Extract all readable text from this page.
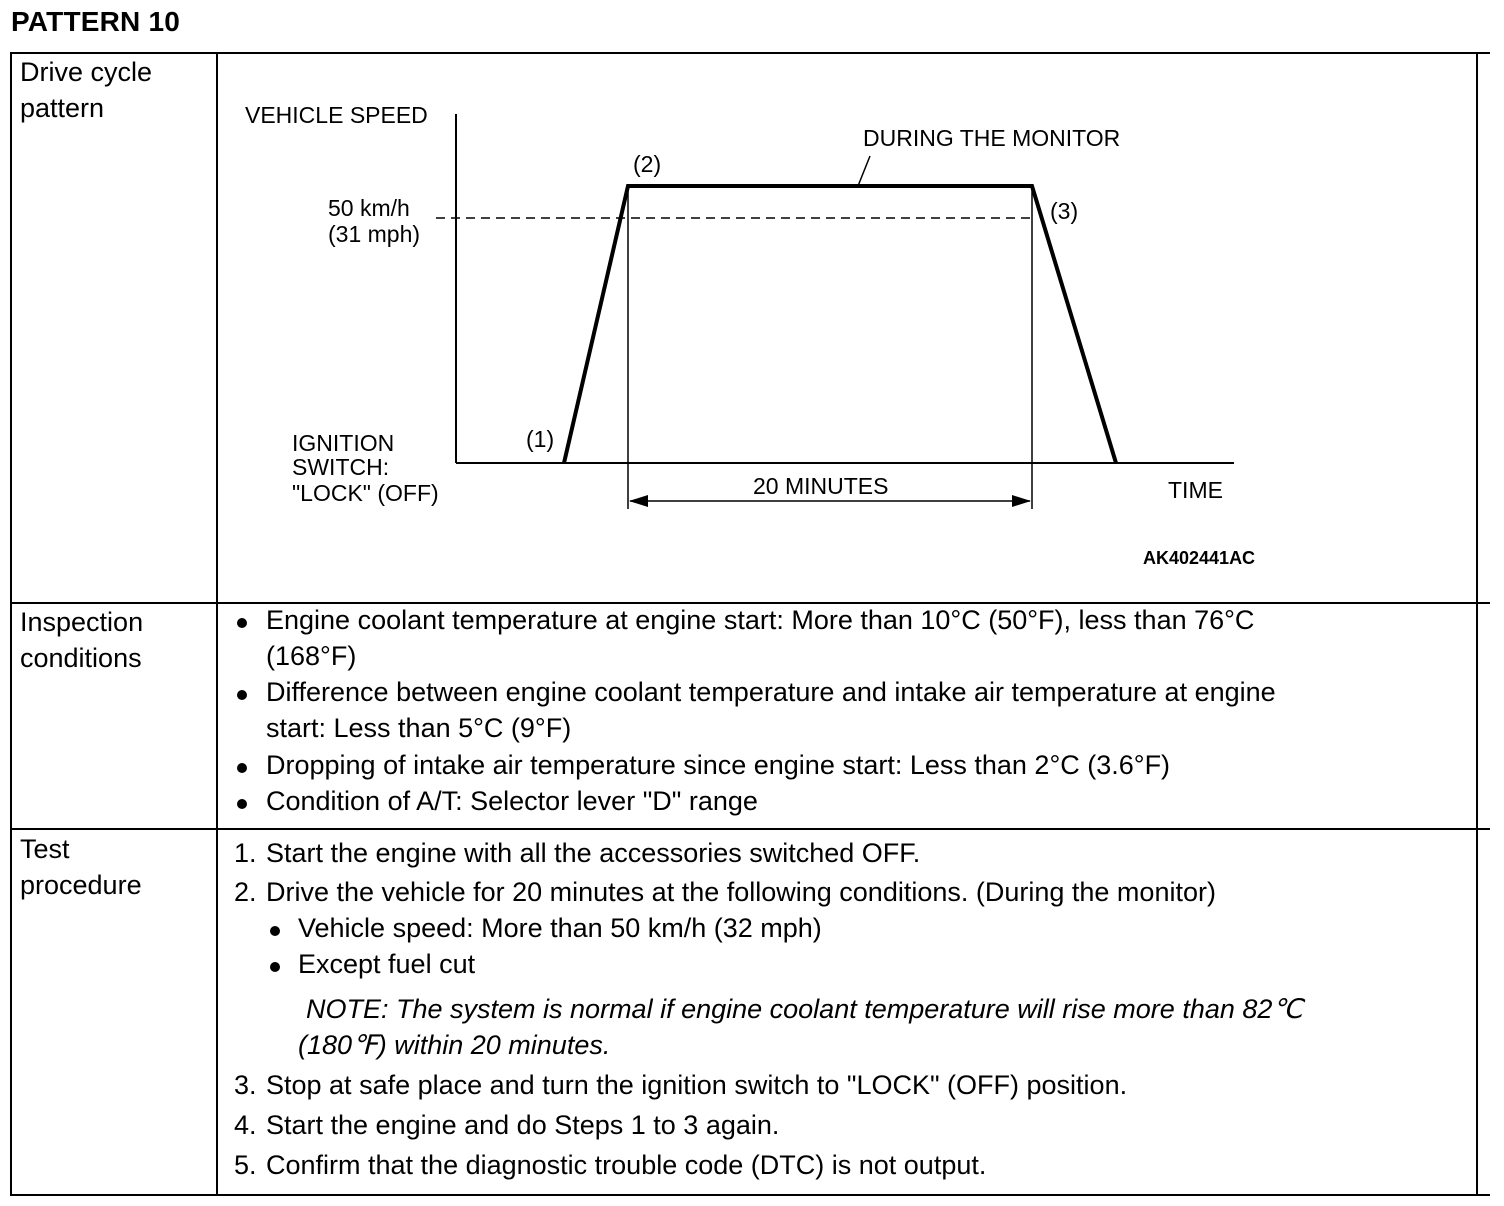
PATTERN 10
Drive cycle
pattern	VEHICLE SPEED
TIME
50 km/h
(31 mph)
IGNITION
SWITCH:
"LOCK" (OFF)
(1)
(2)
(3)
DURING THE MONITOR
20 MINUTES
AK402441AC
Inspection
conditions
Engine coolant temperature at engine start: More than 10°C (50°F), less than 76°C
(168°F)
Difference between engine coolant temperature and intake air temperature at engine
start: Less than 5°C (9°F)
Dropping of intake air temperature since engine start: Less than 2°C (3.6°F)
Condition of A/T: Selector lever "D" range
Test
procedure
1. Start the engine with all the accessories switched OFF.
2. Drive the vehicle for 20 minutes at the following conditions. (During the monitor)
Vehicle speed: More than 50 km/h (32 mph)
Except fuel cut
NOTE: The system is normal if engine coolant temperature will rise more than 82℃
(180℉) within 20 minutes.
3. Stop at safe place and turn the ignition switch to "LOCK" (OFF) position.
4. Start the engine and do Steps 1 to 3 again.
5. Confirm that the diagnostic trouble code (DTC) is not output.
